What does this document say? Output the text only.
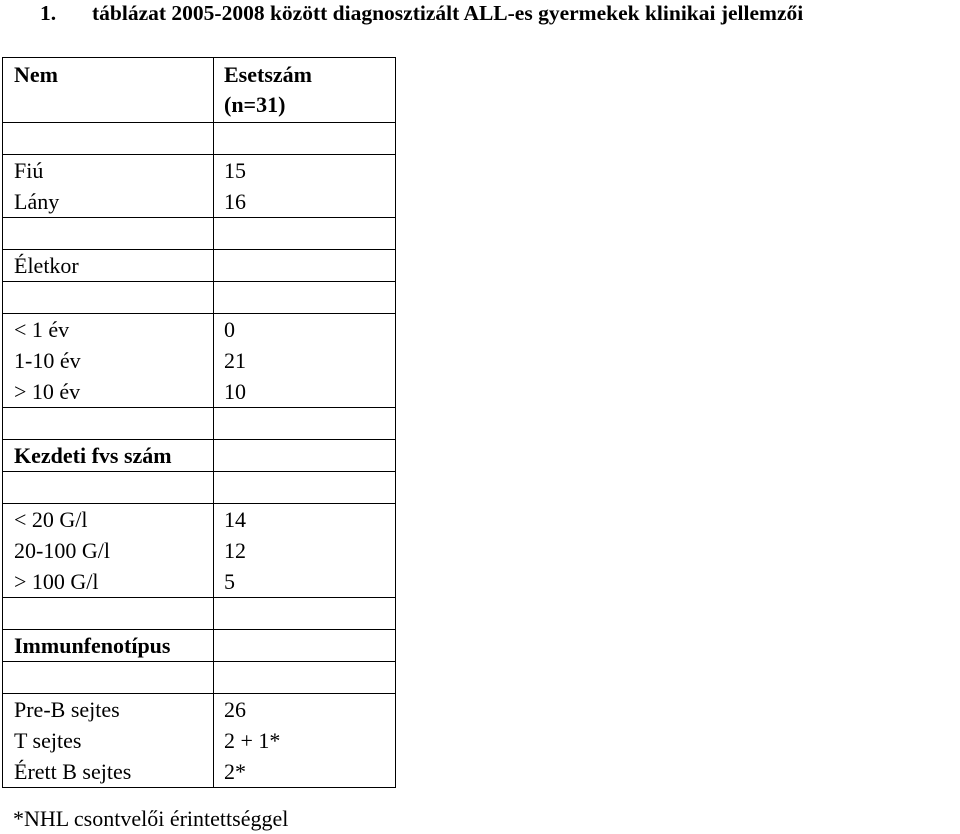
1. táblázat 2005-2008 között diagnosztizált ALL-es gyermekek klinikai jellemzői
Nem	Esetszám
(n=31)

Fiú	15
Lány	16

Életkor	

< 1 év	0
1-10 év	21
> 10 év	10

Kezdeti fvs szám	

< 20 G/l	14
20-100 G/l	12
> 100 G/l	5

Immunfenotípus	

Pre-B sejtes	26
T sejtes	2 + 1*
Érett B sejtes	2*
*NHL csontvelői érintettséggel
